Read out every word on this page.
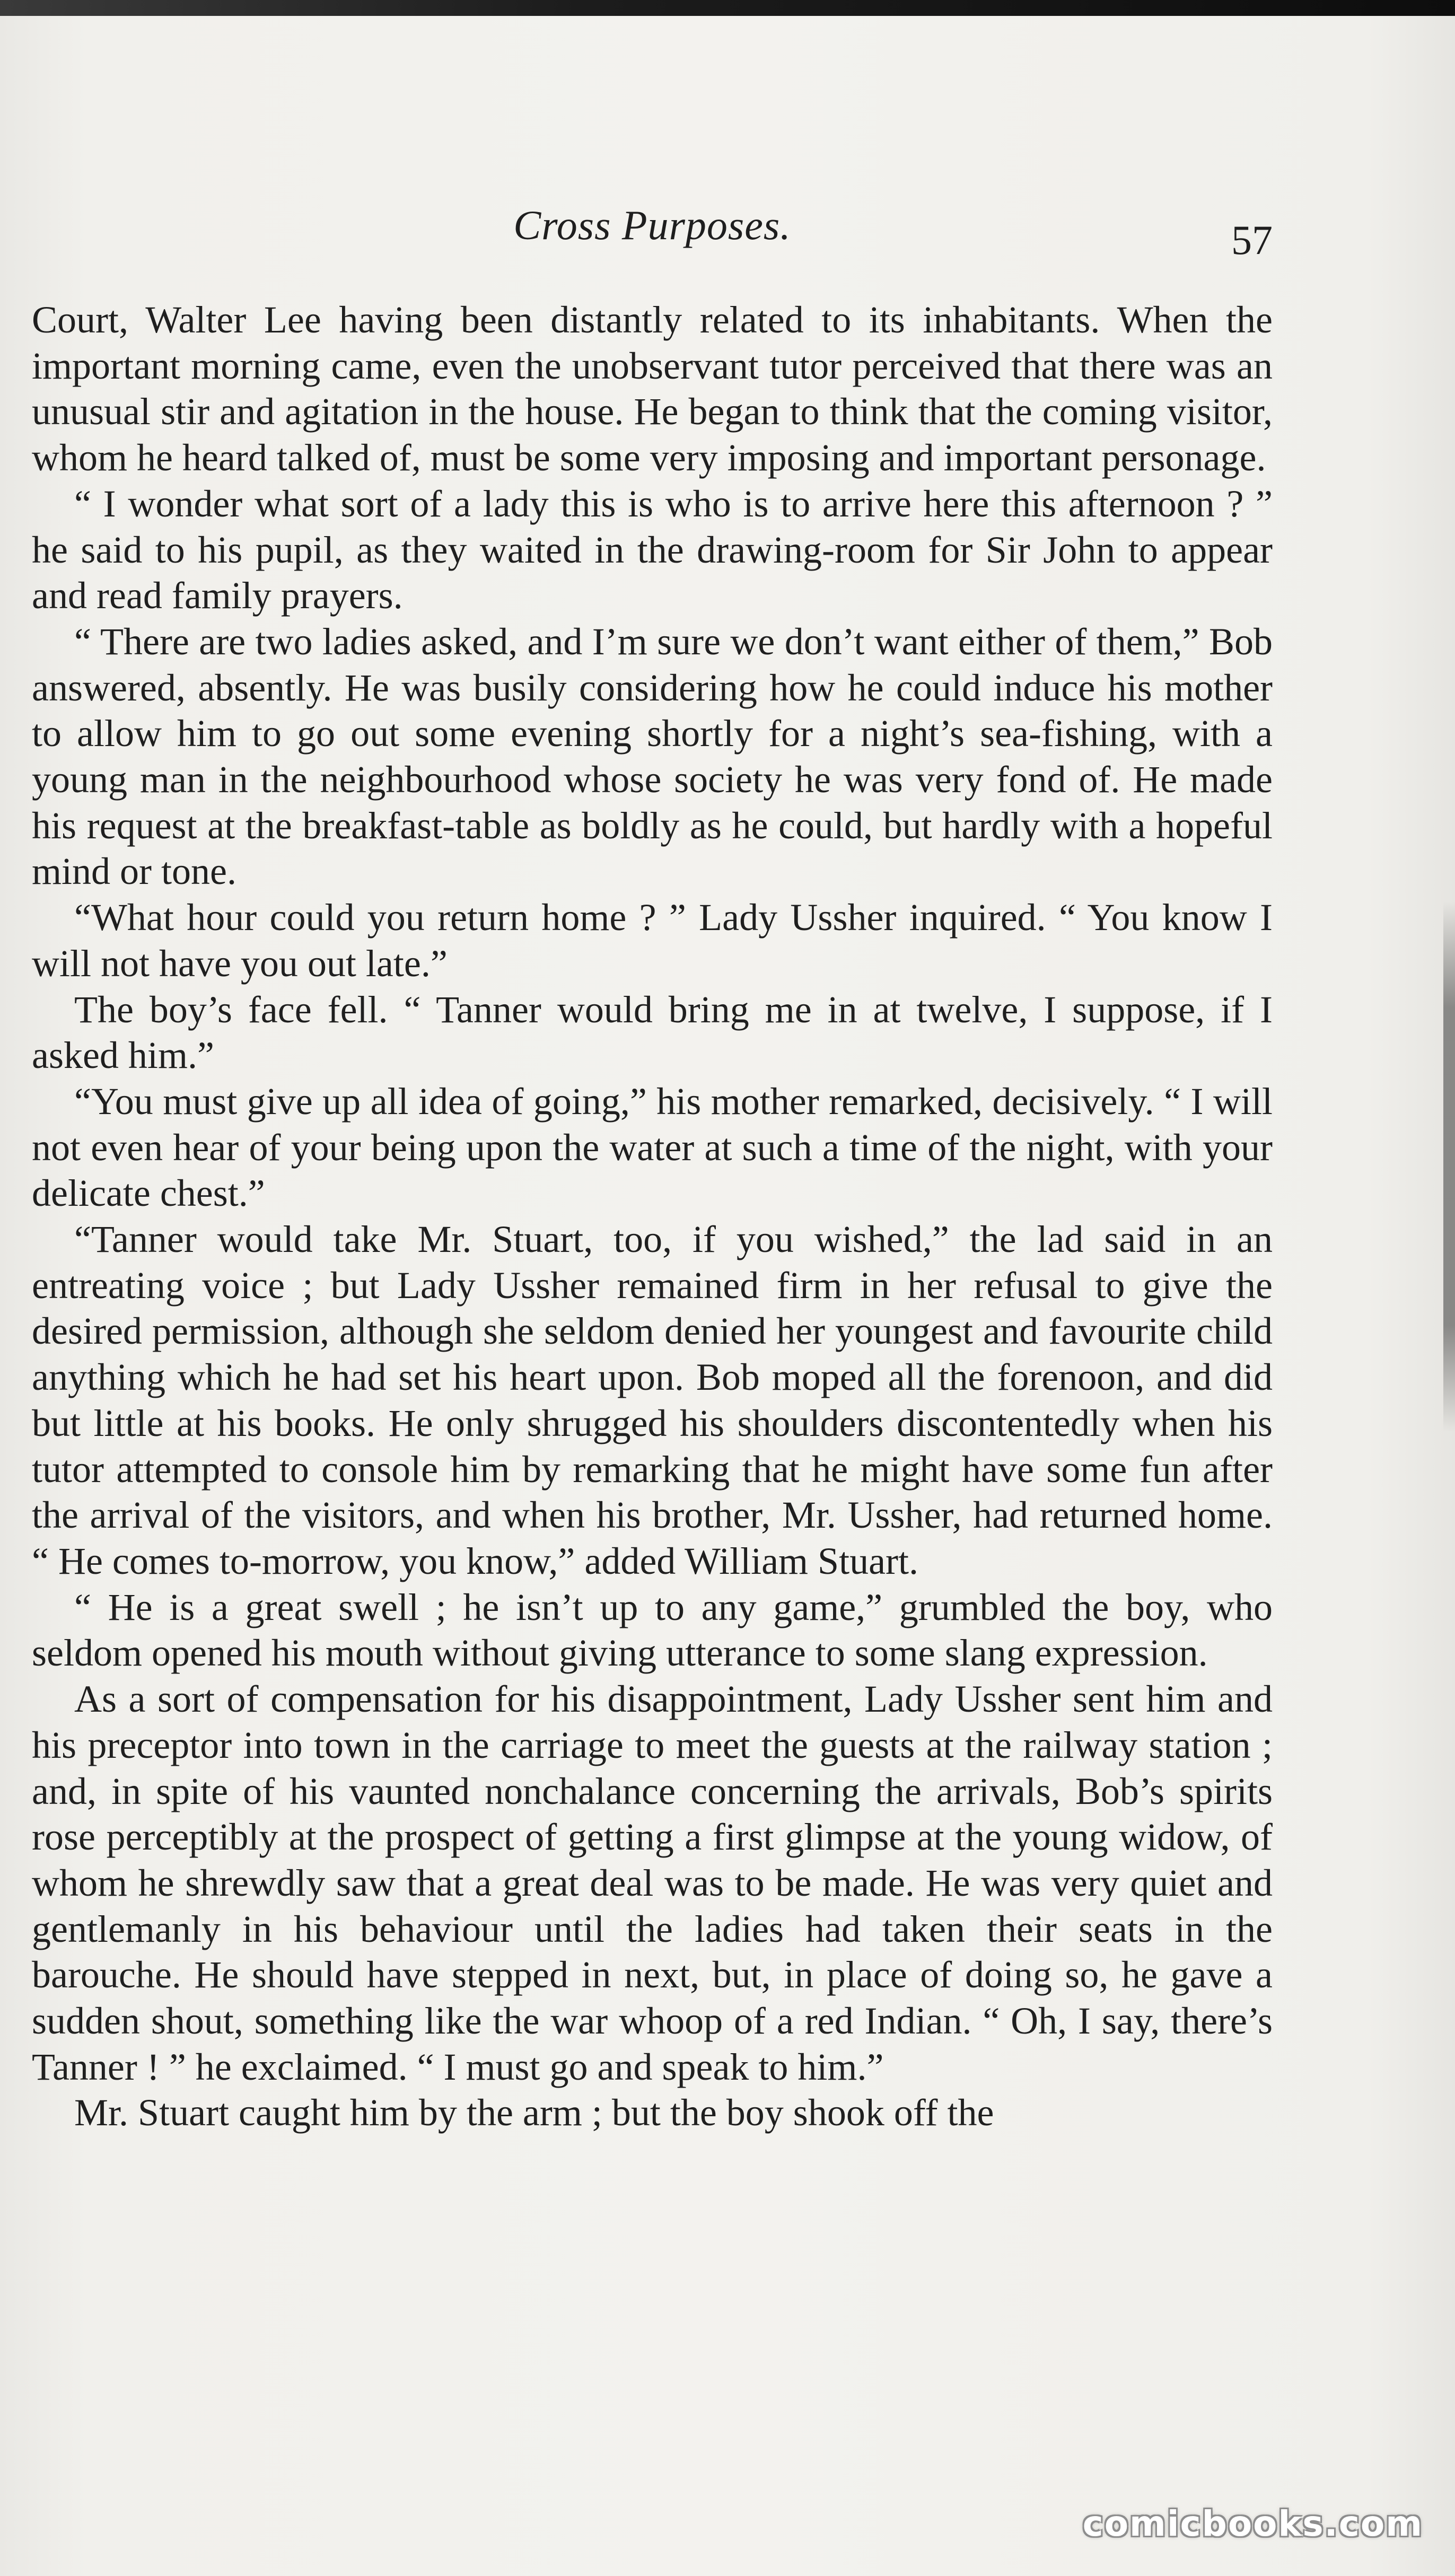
Cross Purposes.	57

Court, Walter Lee having been distantly related to its inhabitants. When the important morning came, even the unobservant tutor perceived that there was an unusual stir and agitation in the house. He began to think that the coming visitor, whom he heard talked of, must be some very imposing and important personage.

“ I wonder what sort of a lady this is who is to arrive here this afternoon ? ” he said to his pupil, as they waited in the drawing-room for Sir John to appear and read family prayers.

“ There are two ladies asked, and I’m sure we don’t want either of them,” Bob answered, absently. He was busily considering how he could induce his mother to allow him to go out some evening shortly for a night’s sea-fishing, with a young man in the neighbourhood whose society he was very fond of. He made his request at the breakfast-table as boldly as he could, but hardly with a hopeful mind or tone.

“What hour could you return home ? ” Lady Ussher inquired. “ You know I will not have you out late.”

The boy’s face fell. “ Tanner would bring me in at twelve, I suppose, if I asked him.”

“You must give up all idea of going,” his mother remarked, decisively. “ I will not even hear of your being upon the water at such a time of the night, with your delicate chest.”

“Tanner would take Mr. Stuart, too, if you wished,” the lad said in an entreating voice ; but Lady Ussher remained firm in her refusal to give the desired permission, although she seldom denied her youngest and favourite child anything which he had set his heart upon. Bob moped all the forenoon, and did but little at his books. He only shrugged his shoulders discontentedly when his tutor attempted to console him by remarking that he might have some fun after the arrival of the visitors, and when his brother, Mr. Ussher, had returned home. “ He comes to-morrow, you know,” added William Stuart.

“ He is a great swell ; he isn’t up to any game,” grumbled the boy, who seldom opened his mouth without giving utterance to some slang expression.

As a sort of compensation for his disappointment, Lady Ussher sent him and his preceptor into town in the carriage to meet the guests at the railway station ; and, in spite of his vaunted nonchalance concerning the arrivals, Bob’s spirits rose perceptibly at the prospect of getting a first glimpse at the young widow, of whom he shrewdly saw that a great deal was to be made. He was very quiet and gentlemanly in his behaviour until the ladies had taken their seats in the barouche. He should have stepped in next, but, in place of doing so, he gave a sudden shout, something like the war whoop of a red Indian. “ Oh, I say, there’s Tanner ! ” he exclaimed. “ I must go and speak to him.”

Mr. Stuart caught him by the arm ; but the boy shook off the

comicbooks.com
